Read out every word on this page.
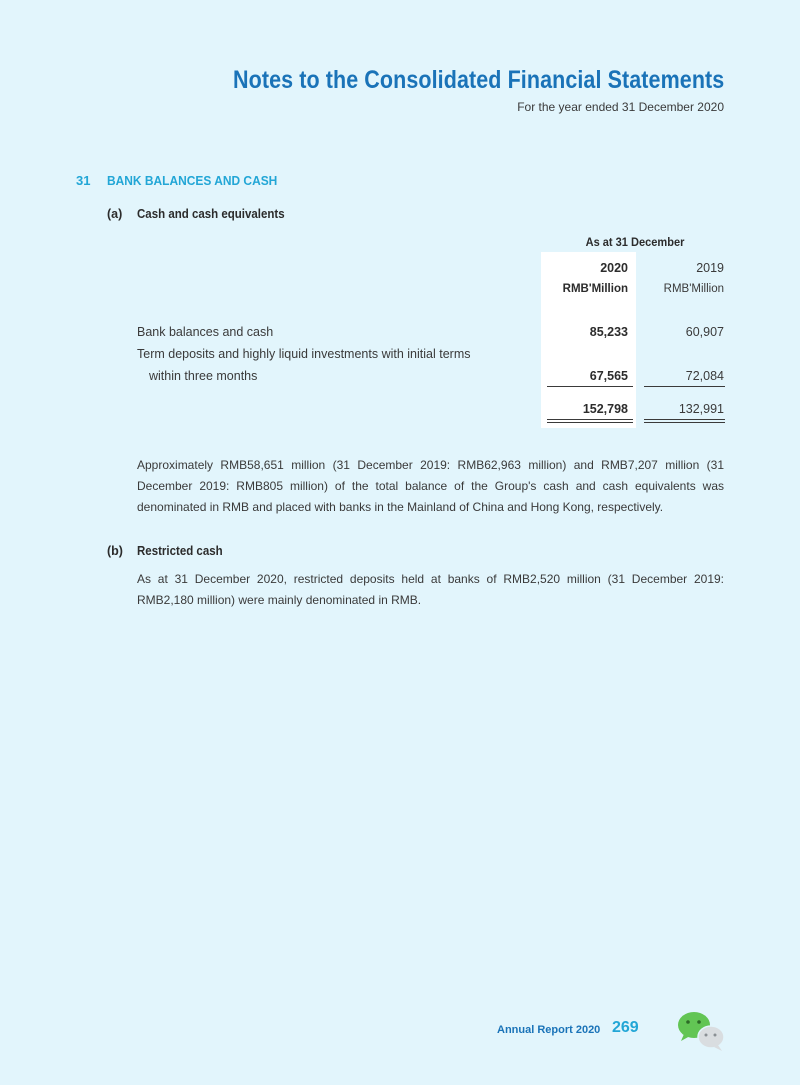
Notes to the Consolidated Financial Statements
For the year ended 31 December 2020
31 BANK BALANCES AND CASH
(a) Cash and cash equivalents
As at 31 December
2020	2019
RMB'Million	RMB'Million
Bank balances and cash	85,233	60,907
Term deposits and highly liquid investments with initial terms
within three months	67,565	72,084
152,798	132,991
Approximately RMB58,651 million (31 December 2019: RMB62,963 million) and RMB7,207 million (31 December 2019: RMB805 million) of the total balance of the Group's cash and cash equivalents was denominated in RMB and placed with banks in the Mainland of China and Hong Kong, respectively.
(b) Restricted cash
As at 31 December 2020, restricted deposits held at banks of RMB2,520 million (31 December 2019: RMB2,180 million) were mainly denominated in RMB.
Annual Report 2020 269
